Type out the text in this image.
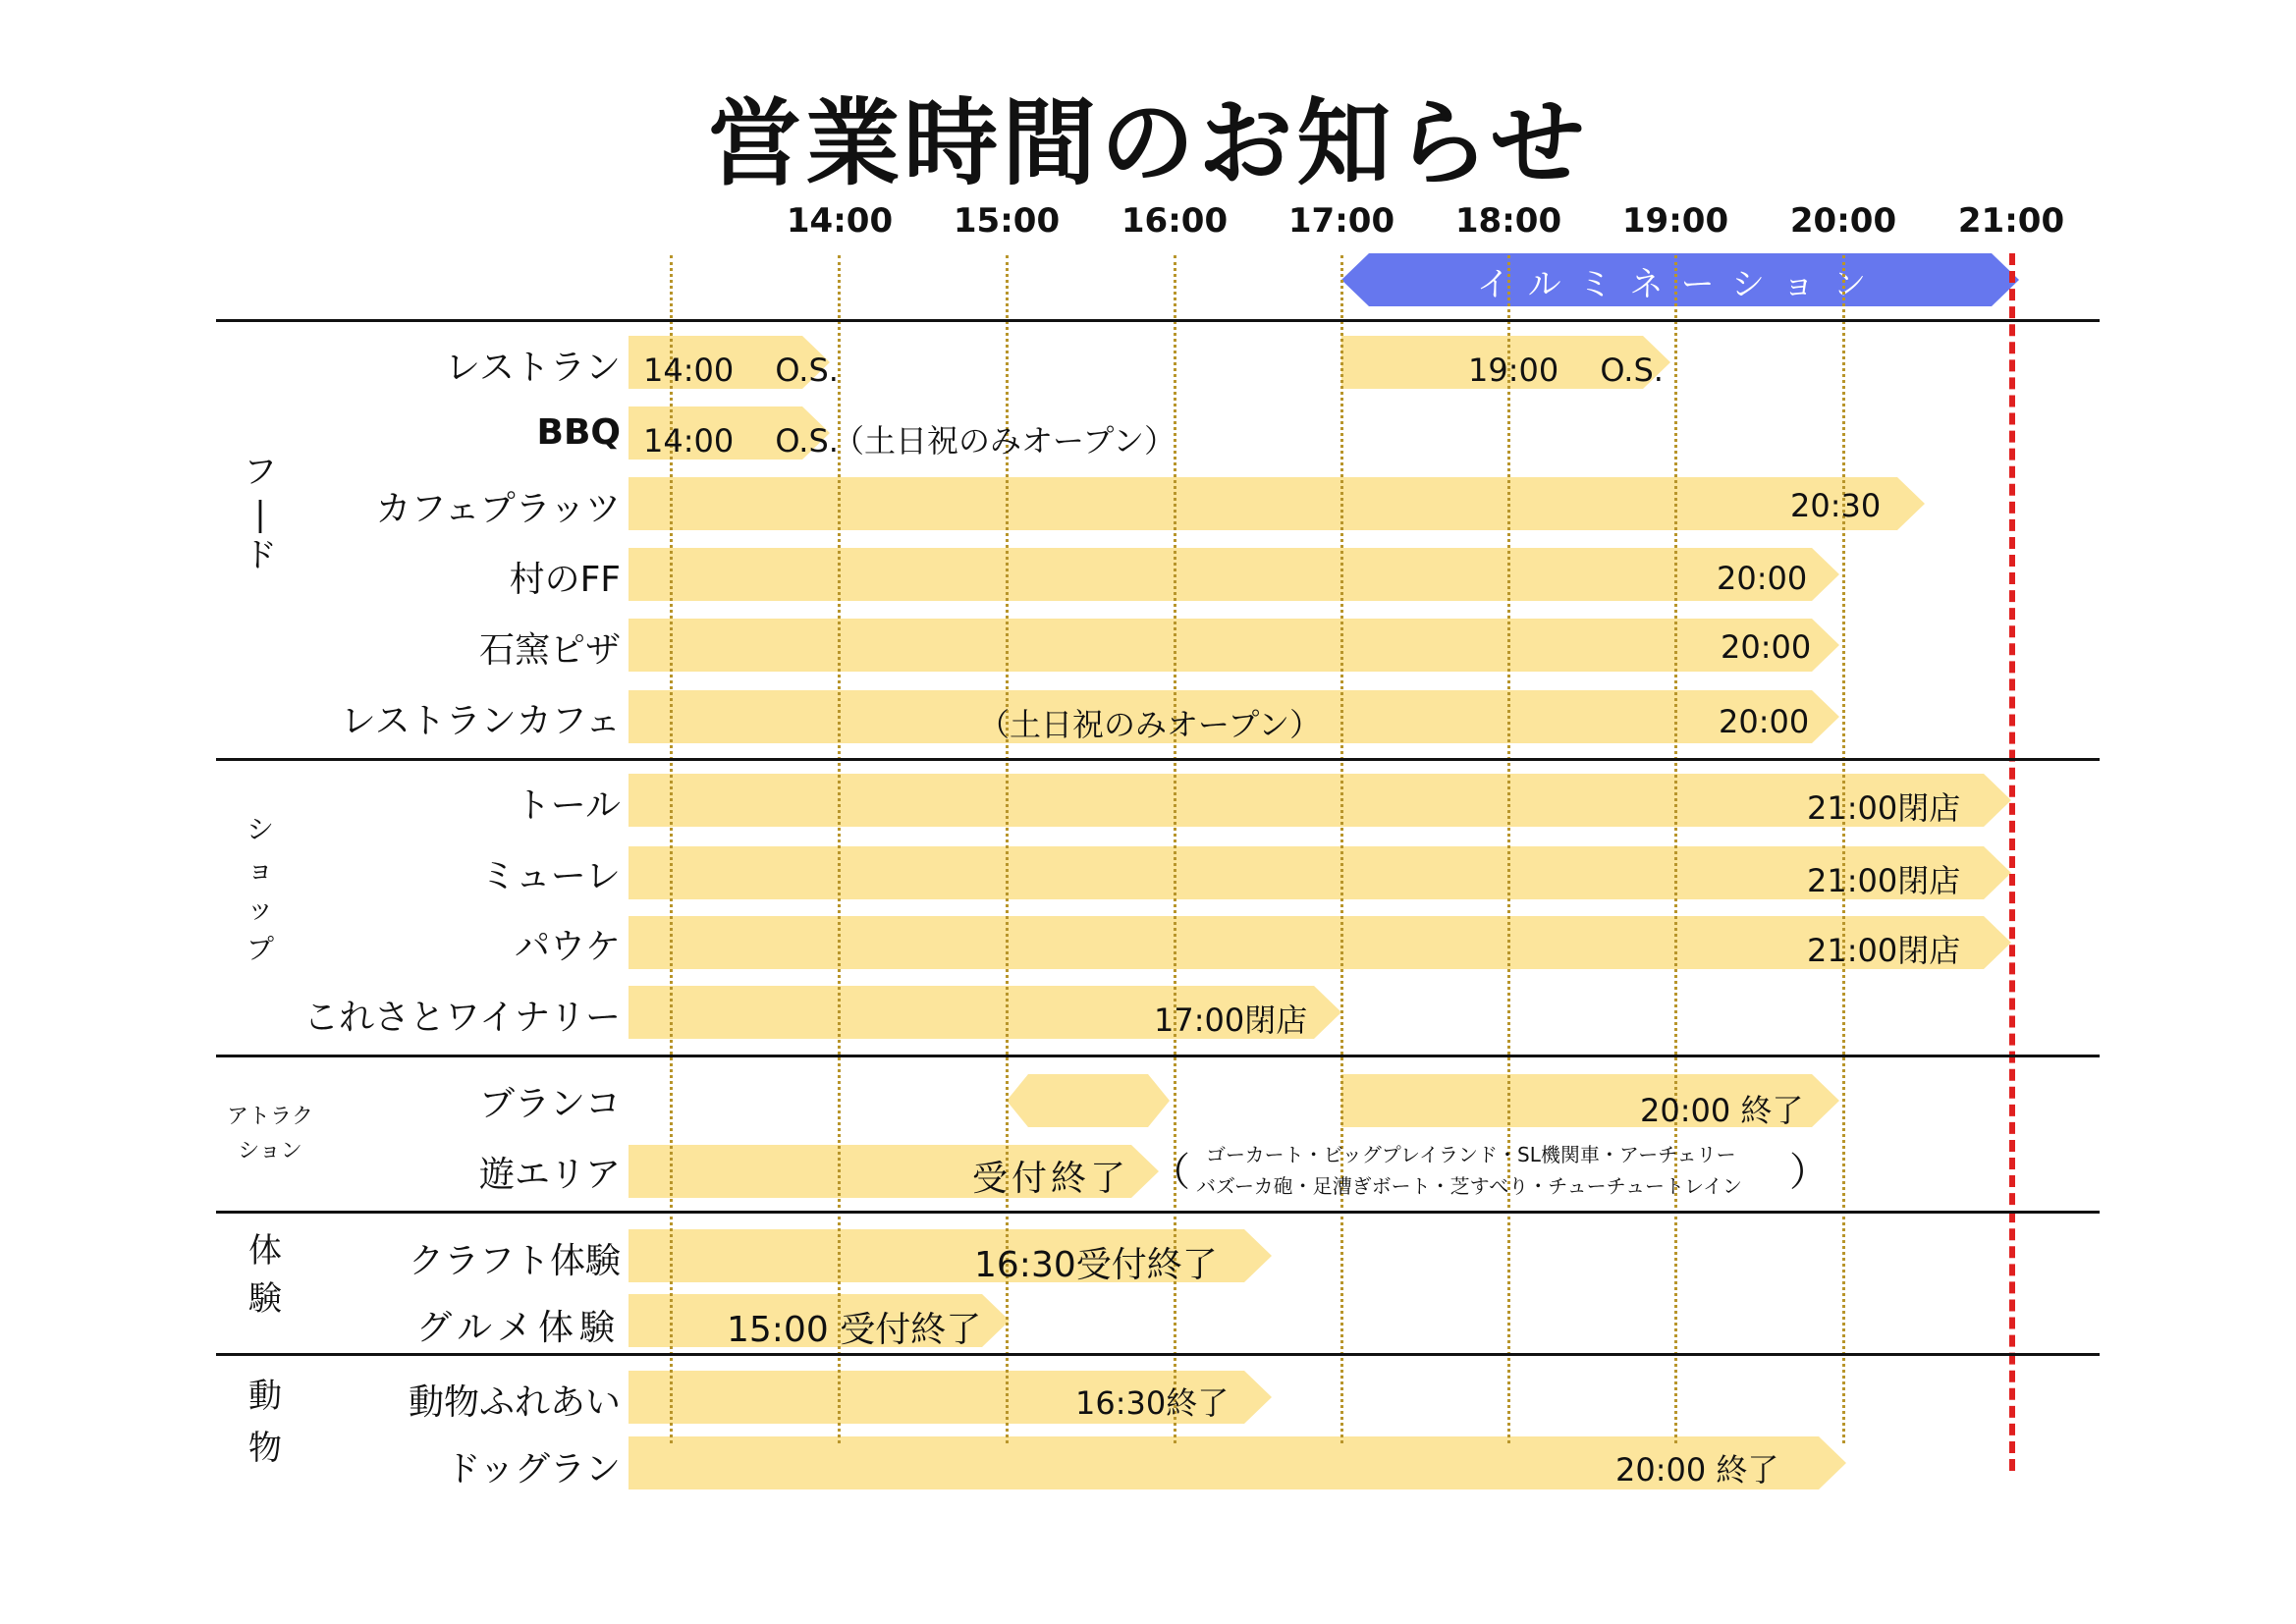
営業時間のお知らせ
14:00 15:00 16:00 17:00 18:00 19:00 20:00 21:00
イルミネーション
フ
|
ド
シ
ョ
ッ
プ
アトラク
ション
体
験
動
物
レストラン
BBQ
カフェプラッツ
村のFF
石窯ピザ
レストランカフェ
トール
ミューレ
パウケ
これさとワイナリー
ブランコ
遊エリア
クラフト体験
グルメ体験
動物ふれあい
ドッグラン
14:00　 O.S.	19:00　 O.S.
14:00　 O.S.
（土日祝のみオープン）
20:30
20:00
20:00
（土日祝のみオープン）	20:00
21:00閉店
21:00閉店
21:00閉店
17:00閉店
20:00 終了
受付終了 （ ゴーカート・ビッグプレイランド・SL機関車・アーチェリー
バズーカ砲・足漕ぎボート・芝すべり・チューチュートレイン ）
16:30受付終了
15:00 受付終了
16:30終了
20:00 終了
